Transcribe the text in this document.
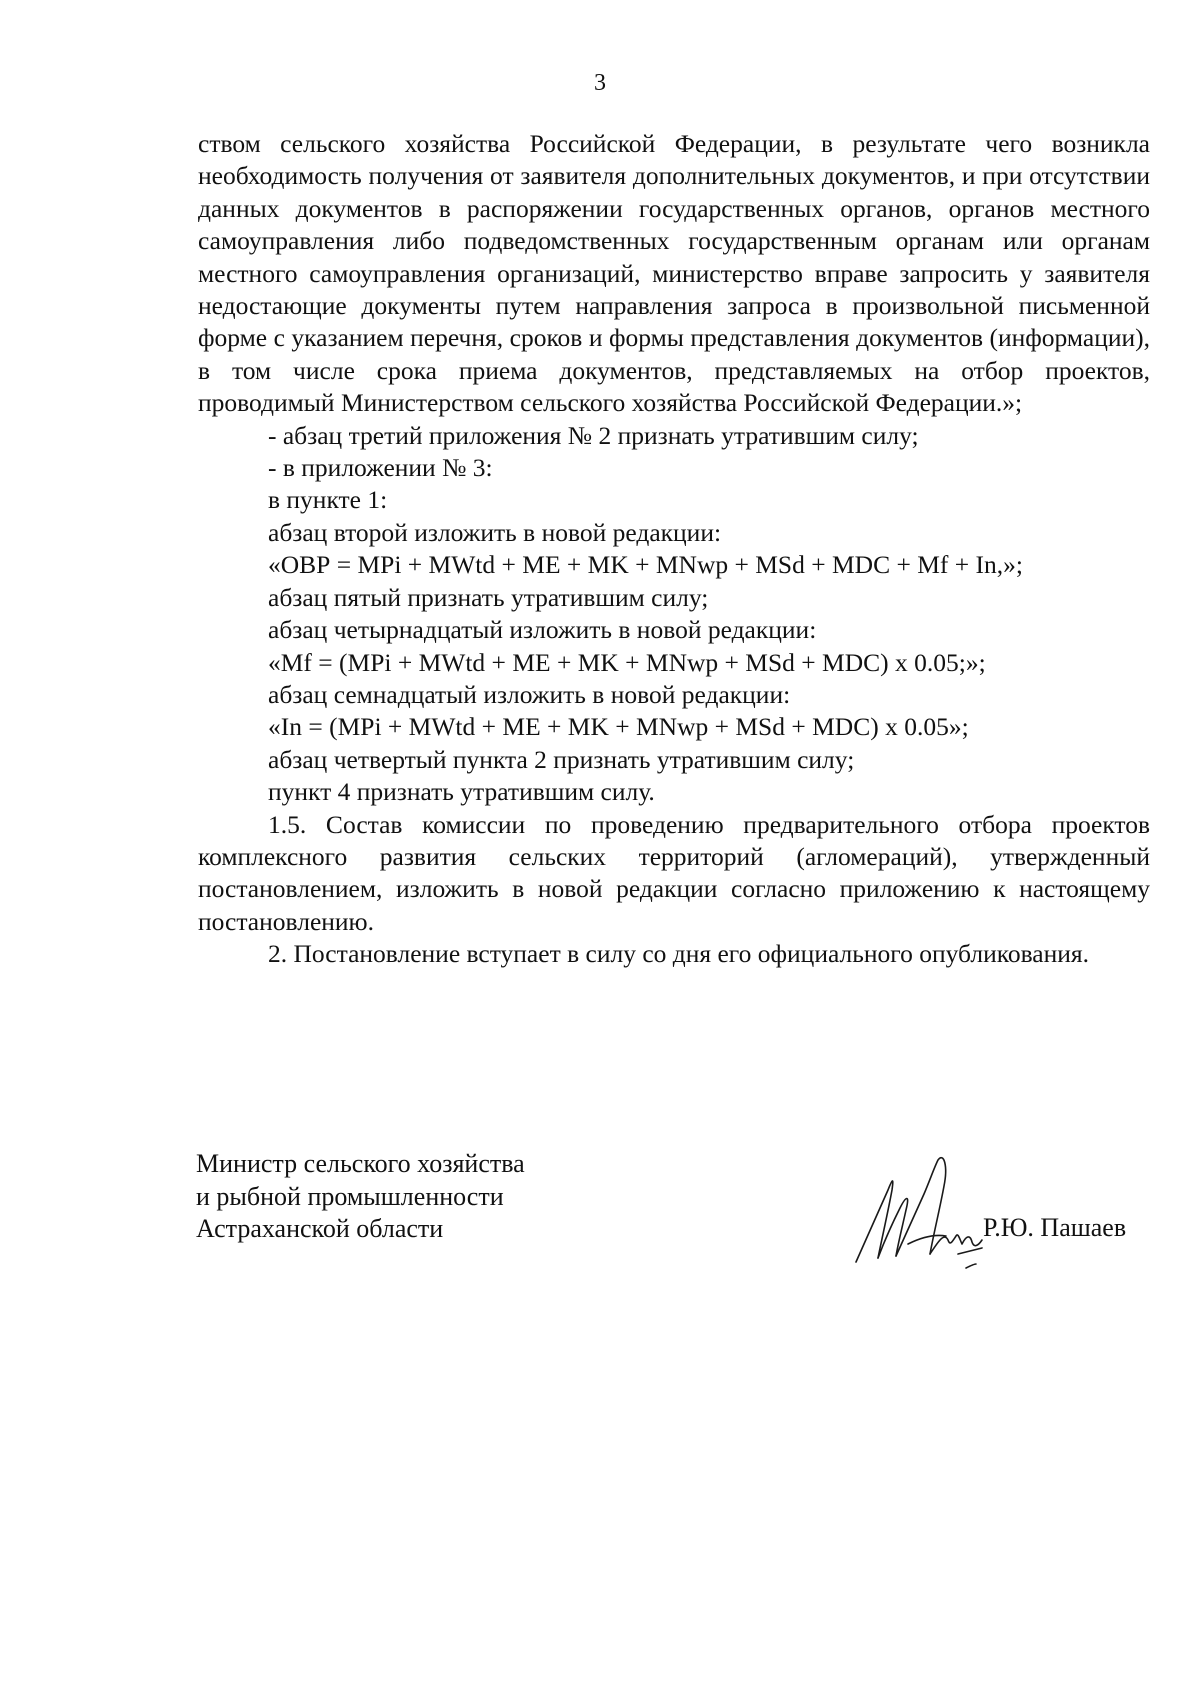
3

ством сельского хозяйства Российской Федерации, в результате чего возникла необходимость получения от заявителя дополнительных документов, и при отсутствии данных документов в распоряжении государственных органов, органов местного самоуправления либо подведомственных государственным органам или органам местного самоуправления организаций, министерство вправе запросить у заявителя недостающие документы путем направления запроса в произвольной письменной форме с указанием перечня, сроков и формы представления документов (информации), в том числе срока приема документов, представляемых на отбор проектов, проводимый Министерством сельского хозяйства Российской Федерации.»;

- абзац третий приложения № 2 признать утратившим силу;

- в приложении № 3:

в пункте 1:

абзац второй изложить в новой редакции:

«ОВР = MPi + MWtd + ME + MK + MNwp + MSd + MDC + Mf + In,»;

абзац пятый признать утратившим силу;

абзац четырнадцатый изложить в новой редакции:

«Mf = (MPi + MWtd + ME + MK + MNwp + MSd + MDC) x 0.05;»;

абзац семнадцатый изложить в новой редакции:

«In = (MPi + MWtd + ME + MK + MNwp + MSd + MDC) x 0.05»;

абзац четвертый пункта 2 признать утратившим силу;

пункт 4 признать утратившим силу.

1.5. Состав комиссии по проведению предварительного отбора проектов комплексного развития сельских территорий (агломераций), утвержденный постановлением, изложить в новой редакции согласно приложению к настоящему постановлению.

2. Постановление вступает в силу со дня его официального опубликования.

Министр сельского хозяйства
и рыбной промышленности
Астраханской области	Р.Ю. Пашаев
